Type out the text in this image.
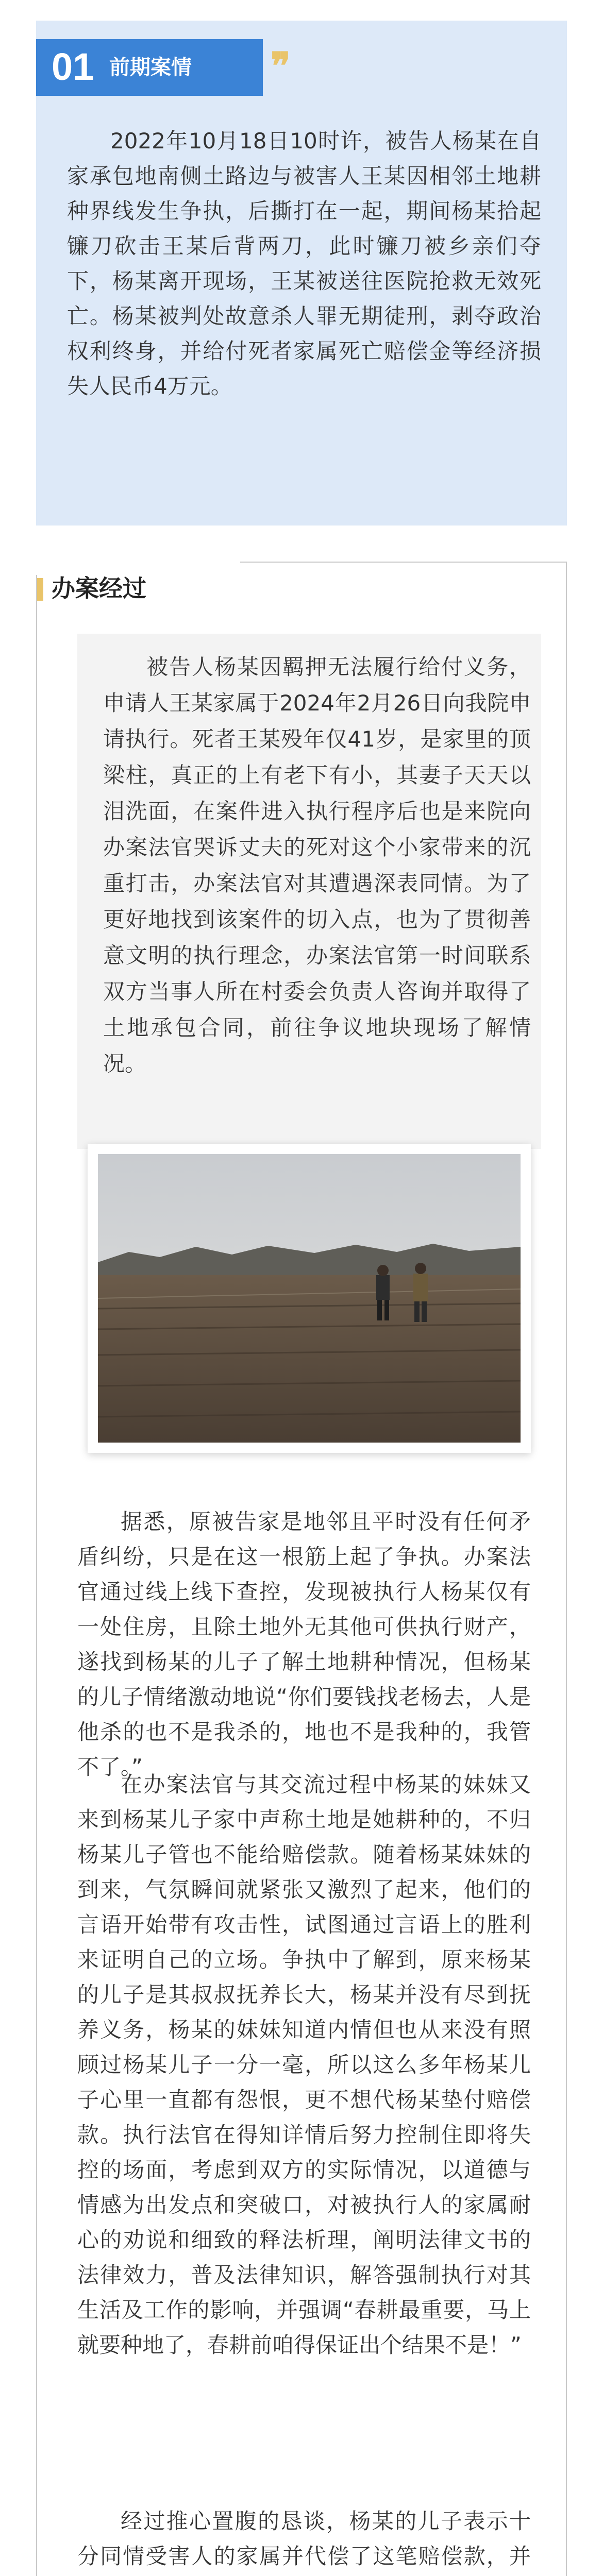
01 前期案情 ❞
2022年10月18日10时许，被告人杨某在自家承包地南侧土路边与被害人王某因相邻土地耕种界线发生争执，后撕打在一起，期间杨某拾起镰刀砍击王某后背两刀，此时镰刀被乡亲们夺下，杨某离开现场，王某被送往医院抢救无效死亡。杨某被判处故意杀人罪无期徒刑，剥夺政治权利终身，并给付死者家属死亡赔偿金等经济损失人民币4万元。
办案经过
被告人杨某因羁押无法履行给付义务，申请人王某家属于2024年2月26日向我院申请执行。死者王某殁年仅41岁，是家里的顶梁柱，真正的上有老下有小，其妻子天天以泪洗面，在案件进入执行程序后也是来院向办案法官哭诉丈夫的死对这个小家带来的沉重打击，办案法官对其遭遇深表同情。为了更好地找到该案件的切入点，也为了贯彻善意文明的执行理念，办案法官第一时间联系双方当事人所在村委会负责人咨询并取得了土地承包合同，前往争议地块现场了解情况。
据悉，原被告家是地邻且平时没有任何矛盾纠纷，只是在这一根筋上起了争执。办案法官通过线上线下查控，发现被执行人杨某仅有一处住房，且除土地外无其他可供执行财产，遂找到杨某的儿子了解土地耕种情况，但杨某的儿子情绪激动地说“你们要钱找老杨去，人是他杀的也不是我杀的，地也不是我种的，我管不了。”
在办案法官与其交流过程中杨某的妹妹又来到杨某儿子家中声称土地是她耕种的，不归杨某儿子管也不能给赔偿款。随着杨某妹妹的到来，气氛瞬间就紧张又激烈了起来，他们的言语开始带有攻击性，试图通过言语上的胜利来证明自己的立场。争执中了解到，原来杨某的儿子是其叔叔抚养长大，杨某并没有尽到抚养义务，杨某的妹妹知道内情但也从来没有照顾过杨某儿子一分一毫，所以这么多年杨某儿子心里一直都有怨恨，更不想代杨某垫付赔偿款。执行法官在得知详情后努力控制住即将失控的场面，考虑到双方的实际情况，以道德与情感为出发点和突破口，对被执行人的家属耐心的劝说和细致的释法析理，阐明法律文书的法律效力，普及法律知识，解答强制执行对其生活及工作的影响，并强调“春耕最重要，马上就要种地了，春耕前咱得保证出个结果不是！”
经过推心置腹的恳谈，杨某的儿子表示十分同情受害人的家属并代偿了这笔赔偿款，并
